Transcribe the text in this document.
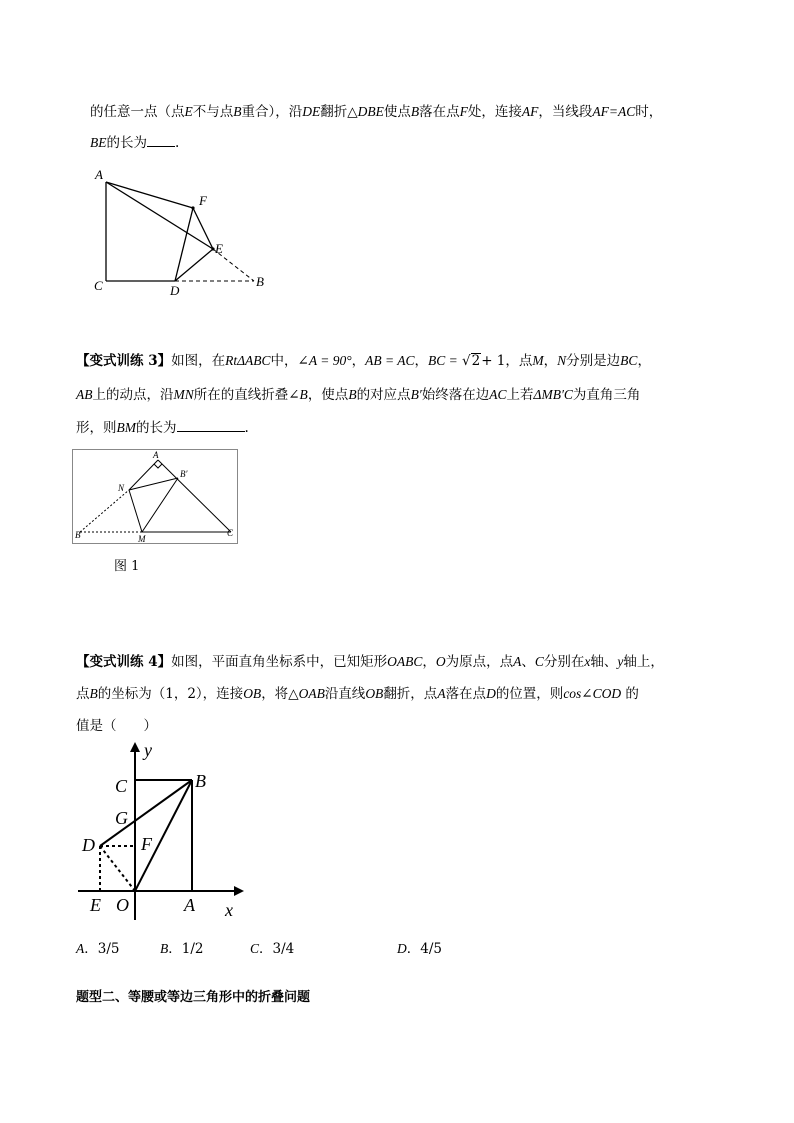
的任意一点（点E不与点B重合），沿DE翻折△DBE使点B落在点F处，连接AF，当线段AF=AC时，
BE的长为 .
A
F
E
C	D
B
【变式训练 3】如图，在RtΔABC中，∠A = 90°，AB = AC，BC = √2+ 1，点M，N分别是边BC，
AB上的动点，沿MN所在的直线折叠∠B，使点B的对应点B′始终落在边AC上若ΔMB′C为直角三角
形，则BM的长为	.
A
B′
N
B	M
C
图 1
【变式训练 4】如图，平面直角坐标系中，已知矩形OABC，O为原点，点A、C分别在x轴、y轴上，
点B的坐标为（1，2），连接OB，将△OAB沿直线OB翻折，点A落在点D的位置，则cos∠COD 的
值是（　　）
y
C	B
G
D	F
E O	A x
A．3/5	B．1/2	C．3/4	D．4/5
题型二、等腰或等边三角形中的折叠问题
